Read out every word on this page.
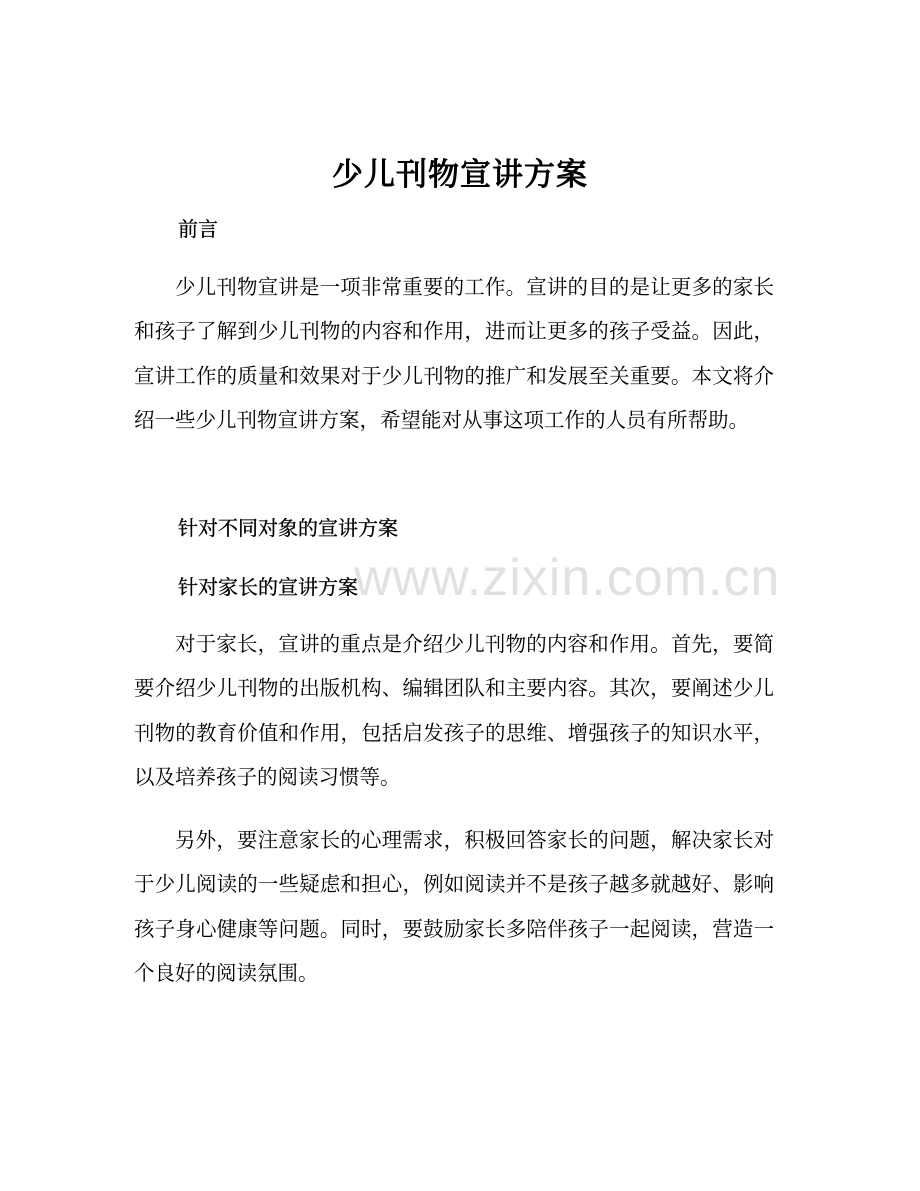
少儿刊物宣讲方案
前言
少儿刊物宣讲是一项非常重要的工作。宣讲的目的是让更多的家长和孩子了解到少儿刊物的内容和作用，进而让更多的孩子受益。因此，宣讲工作的质量和效果对于少儿刊物的推广和发展至关重要。本文将介绍一些少儿刊物宣讲方案，希望能对从事这项工作的人员有所帮助。
针对不同对象的宣讲方案
针对家长的宣讲方案
对于家长，宣讲的重点是介绍少儿刊物的内容和作用。首先，要简要介绍少儿刊物的出版机构、编辑团队和主要内容。其次，要阐述少儿刊物的教育价值和作用，包括启发孩子的思维、增强孩子的知识水平，以及培养孩子的阅读习惯等。
另外，要注意家长的心理需求，积极回答家长的问题，解决家长对于少儿阅读的一些疑虑和担心，例如阅读并不是孩子越多就越好、影响孩子身心健康等问题。同时，要鼓励家长多陪伴孩子一起阅读，营造一个良好的阅读氛围。
www.zixin.com.cn
